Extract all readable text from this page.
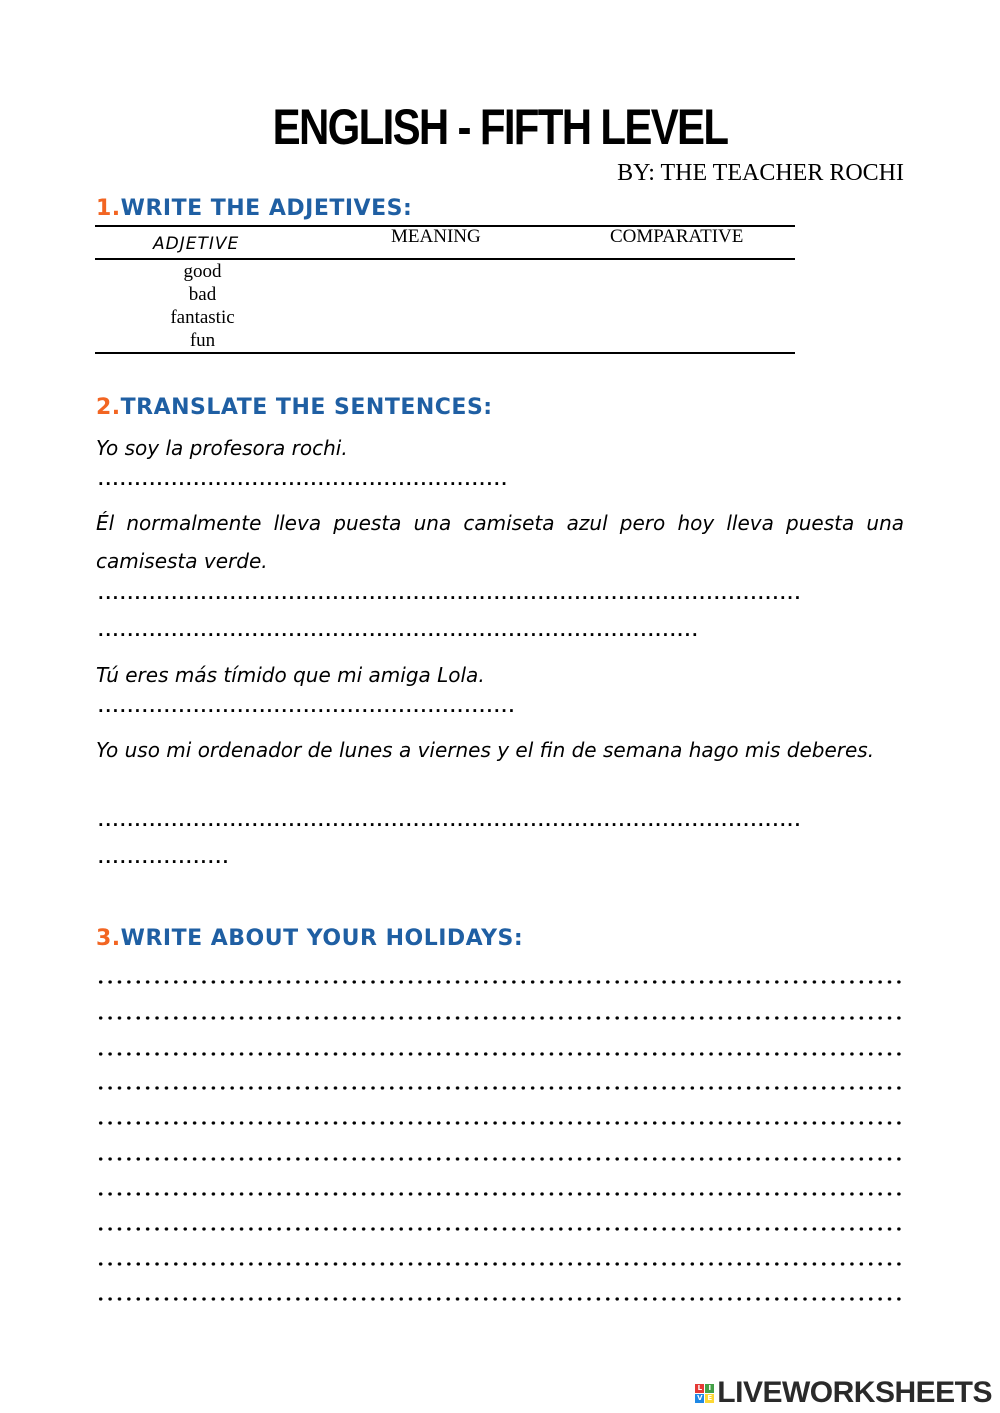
ENGLISH - FIFTH LEVEL
BY: THE TEACHER ROCHI
1.WRITE THE ADJETIVES:
ADJETIVE	MEANING	COMPARATIVE
good
bad
fantastic
fun
2.TRANSLATE THE SENTENCES:
Yo soy la profesora rochi.
........................................................
Él normalmente lleva puesta una camiseta azul pero hoy lleva puesta una camisesta verde.
................................................................................................
..................................................................................
Tú eres más tímido que mi amiga Lola.
.........................................................
Yo uso mi ordenador de lunes a viernes y el fin de semana hago mis deberes.
................................................................................................
..................
3.WRITE ABOUT YOUR HOLIDAYS:
L I
V E LIVEWORKSHEETS
